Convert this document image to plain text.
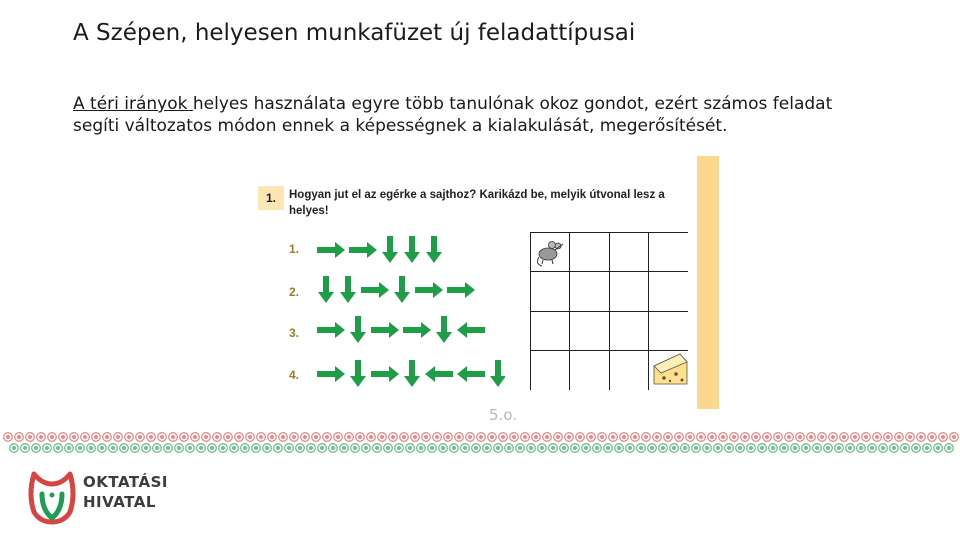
A Szépen, helyesen munkafüzet új feladattípusai
A téri irányok helyes használata egyre több tanulónak okoz gondot, ezért számos feladat segíti változatos módon ennek a képességnek a kialakulását, megerősítését.
1.	Hogyan jut el az egérke a sajthoz? Karikázd be, melyik útvonal lesz a helyes!
1.
2.
3.
4.
5.o.
OKTATÁSI
HIVATAL
